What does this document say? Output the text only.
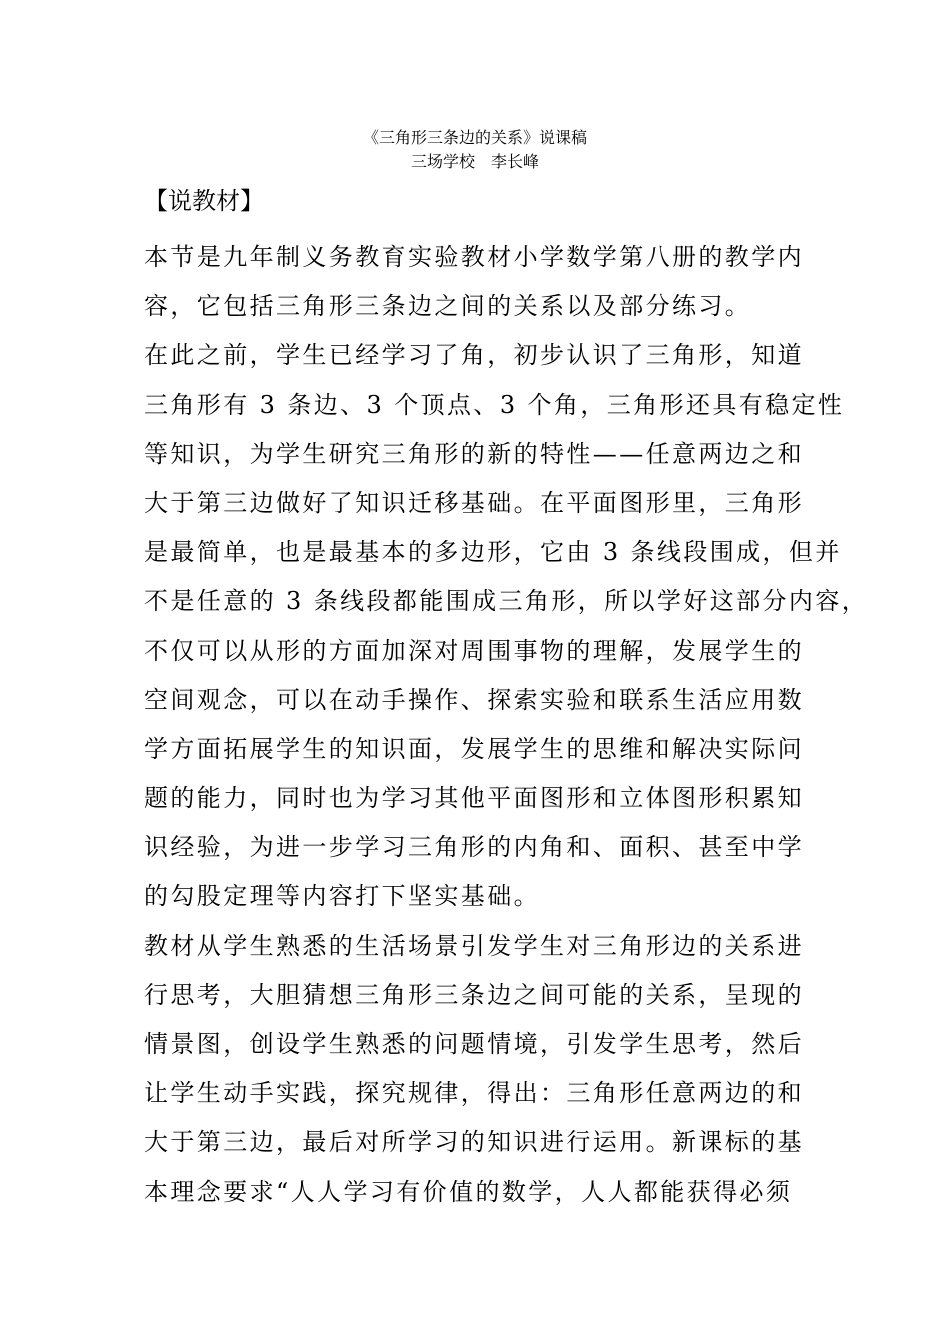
《三角形三条边的关系》说课稿
三场学校　李长峰
【说教材】
本节是九年制义务教育实验教材小学数学第八册的教学内
容，它包括三角形三条边之间的关系以及部分练习。
在此之前，学生已经学习了角，初步认识了三角形，知道
三角形有 3 条边、3 个顶点、3 个角，三角形还具有稳定性
等知识，为学生研究三角形的新的特性——任意两边之和
大于第三边做好了知识迁移基础。在平面图形里，三角形
是最简单，也是最基本的多边形，它由 3 条线段围成，但并
不是任意的 3 条线段都能围成三角形，所以学好这部分内容，
不仅可以从形的方面加深对周围事物的理解，发展学生的
空间观念，可以在动手操作、探索实验和联系生活应用数
学方面拓展学生的知识面，发展学生的思维和解决实际问
题的能力，同时也为学习其他平面图形和立体图形积累知
识经验，为进一步学习三角形的内角和、面积、甚至中学
的勾股定理等内容打下坚实基础。
教材从学生熟悉的生活场景引发学生对三角形边的关系进
行思考，大胆猜想三角形三条边之间可能的关系，呈现的
情景图，创设学生熟悉的问题情境，引发学生思考，然后
让学生动手实践，探究规律，得出：三角形任意两边的和
大于第三边，最后对所学习的知识进行运用。新课标的基
本理念要求“人人学习有价值的数学，人人都能获得必须
